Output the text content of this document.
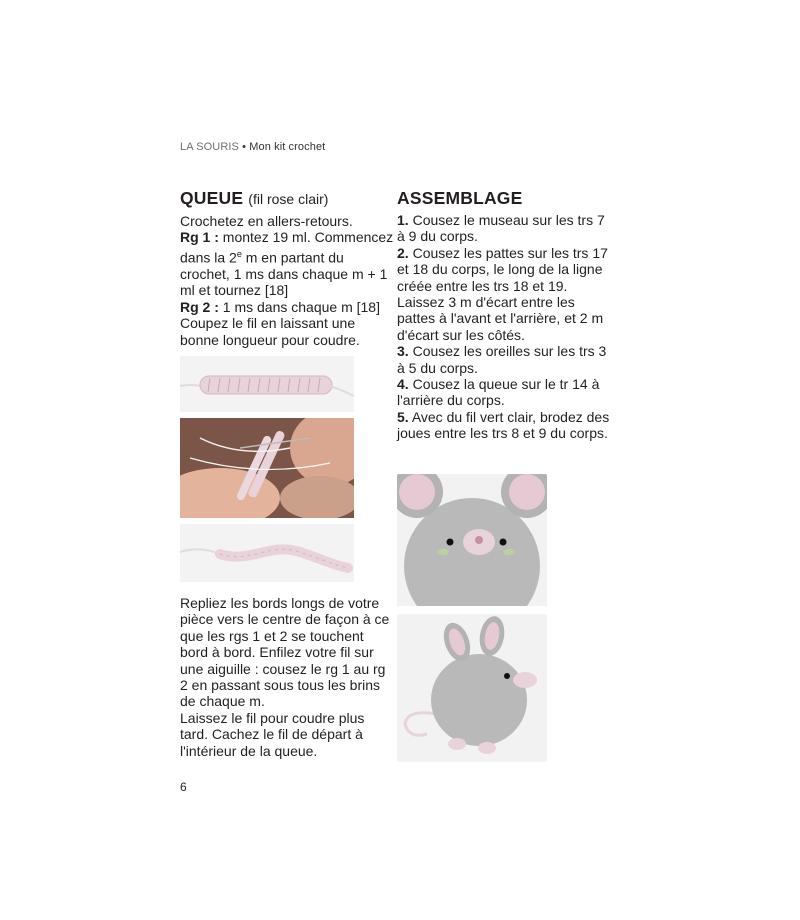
LA SOURIS • Mon kit crochet
QUEUE (fil rose clair)

Crochetez en allers-retours.

Rg 1 : montez 19 ml. Commencez dans la 2e m en partant du crochet, 1 ms dans chaque m + 1 ml et tournez [18]

Rg 2 : 1 ms dans chaque m [18]

Coupez le fil en laissant une bonne longueur pour coudre.

Repliez les bords longs de votre pièce vers le centre de façon à ce que les rgs 1 et 2 se touchent bord à bord. Enfilez votre fil sur une aiguille : cousez le rg 1 au rg 2 en passant sous tous les brins de chaque m.

Laissez le fil pour coudre plus tard. Cachez le fil de départ à l'intérieur de la queue.

ASSEMBLAGE

1. Cousez le museau sur les trs 7 à 9 du corps.

2. Cousez les pattes sur les trs 17 et 18 du corps, le long de la ligne créée entre les trs 18 et 19. Laissez 3 m d'écart entre les pattes à l'avant et l'arrière, et 2 m d'écart sur les côtés.

3. Cousez les oreilles sur les trs 3 à 5 du corps.

4. Cousez la queue sur le tr 14 à l'arrière du corps.

5. Avec du fil vert clair, brodez des joues entre les trs 8 et 9 du corps.

6
